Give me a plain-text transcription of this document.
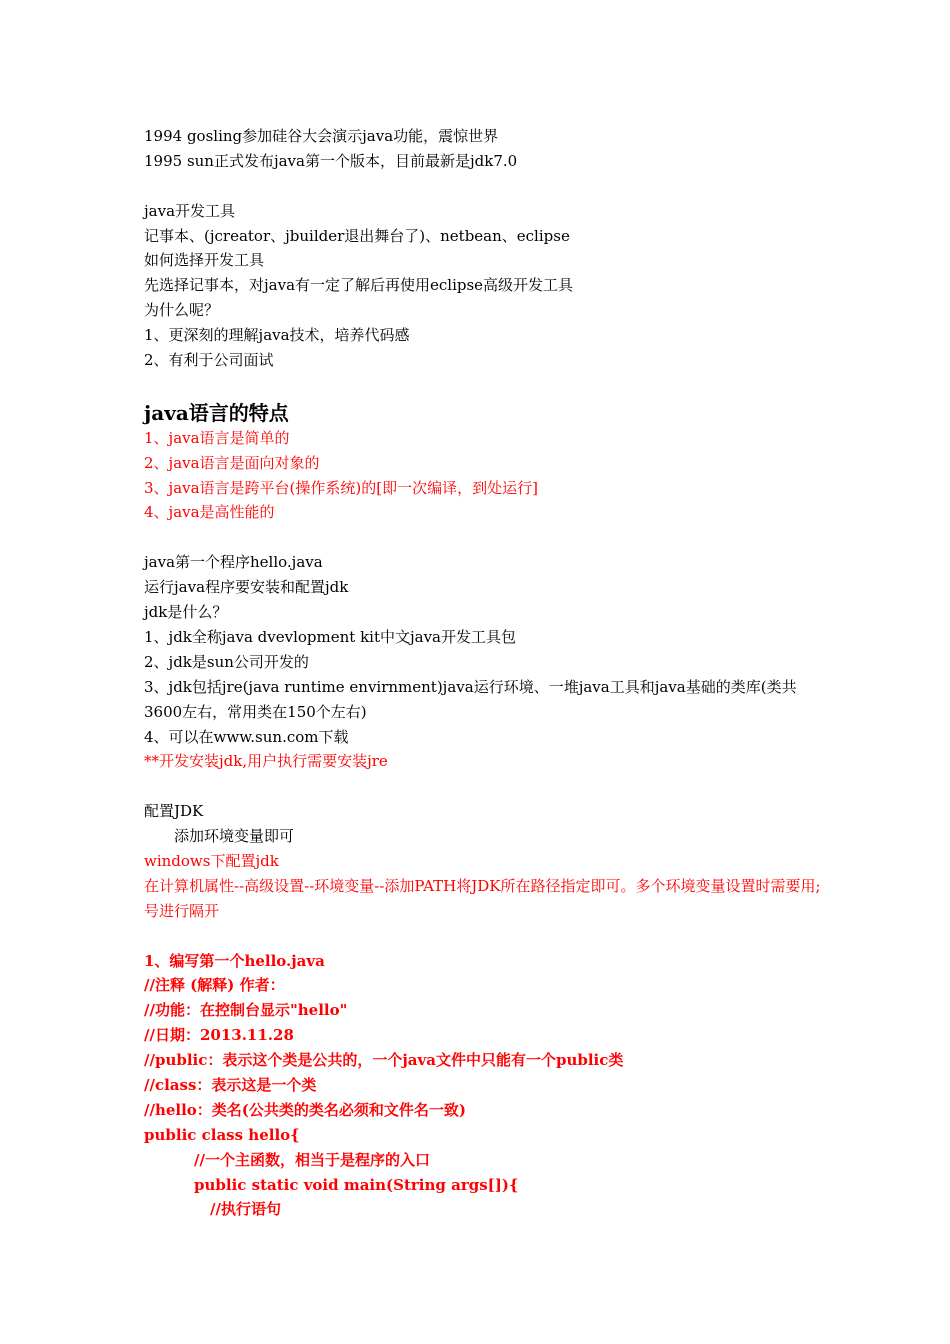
1994 gosling参加硅谷大会演示java功能，震惊世界
1995 sun正式发布java第一个版本，目前最新是jdk7.0
java开发工具
记事本、(jcreator、jbuilder退出舞台了)、netbean、eclipse
如何选择开发工具
先选择记事本，对java有一定了解后再使用eclipse高级开发工具
为什么呢？
1、更深刻的理解java技术，培养代码感
2、有利于公司面试
java语言的特点
1、java语言是简单的
2、java语言是面向对象的
3、java语言是跨平台(操作系统)的[即一次编译，到处运行]
4、java是高性能的
java第一个程序hello.java
运行java程序要安装和配置jdk
jdk是什么？
1、jdk全称java dvevlopment kit中文java开发工具包
2、jdk是sun公司开发的
3、jdk包括jre(java runtime envirnment)java运行环境、一堆java工具和java基础的类库(类共3600左右，常用类在150个左右)
4、可以在www.sun.com下载
**开发安装jdk,用户执行需要安装jre
配置JDK
添加环境变量即可
windows下配置jdk
在计算机属性--高级设置--环境变量--添加PATH将JDK所在路径指定即可。多个环境变量设置时需要用;号进行隔开
1、编写第一个hello.java
//注释 (解释) 作者：
//功能：在控制台显示"hello"
//日期：2013.11.28
//public：表示这个类是公共的，一个java文件中只能有一个public类
//class：表示这是一个类
//hello：类名(公共类的类名必须和文件名一致)
public class hello{
//一个主函数，相当于是程序的入口
public static void main(String args[]){
//执行语句
